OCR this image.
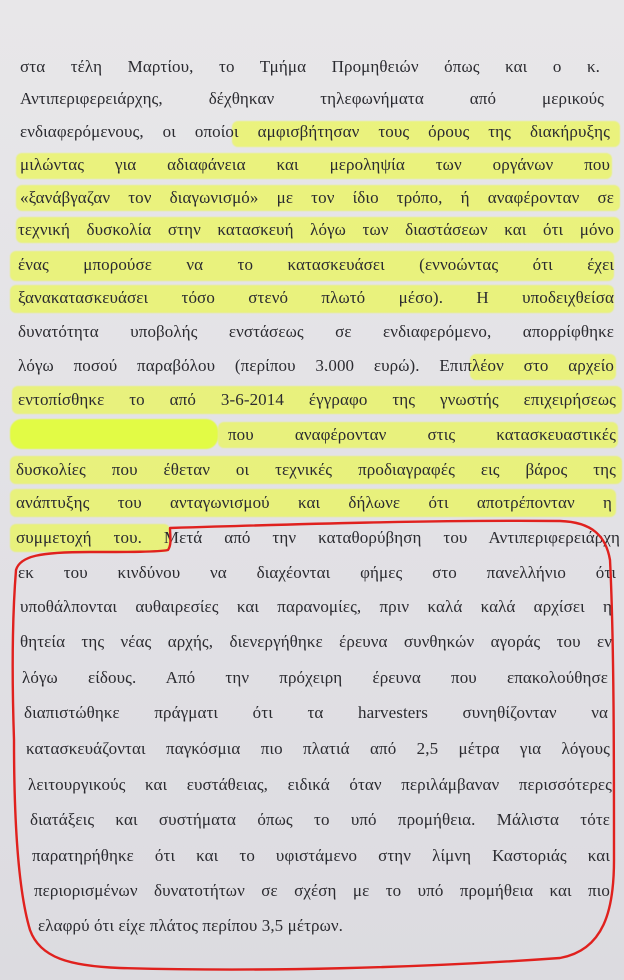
στα τέλη Μαρτίου, το Τμήμα Προμηθειών όπως και ο κ.
Αντιπεριφερειάρχης, δέχθηκαν τηλεφωνήματα από μερικούς
ενδιαφερόμενους, οι οποίοι αμφισβήτησαν τους όρους της διακήρυξης
μιλώντας για αδιαφάνεια και μεροληψία των οργάνων που
«ξανάβγαζαν τον διαγωνισμό» με τον ίδιο τρόπο, ή αναφέρονταν σε
τεχνική δυσκολία στην κατασκευή λόγω των διαστάσεων και ότι μόνο
ένας μπορούσε να το κατασκευάσει (εννοώντας ότι έχει
ξανακατασκευάσει τόσο στενό πλωτό μέσο). Η υποδειχθείσα
δυνατότητα υποβολής ενστάσεως σε ενδιαφερόμενο, απορρίφθηκε
λόγω ποσού παραβόλου (περίπου 3.000 ευρώ). Επιπλέον στο αρχείο
εντοπίσθηκε το από 3-6-2014 έγγραφο της γνωστής επιχειρήσεως
που αναφέρονταν στις κατασκευαστικές
δυσκολίες που έθεταν οι τεχνικές προδιαγραφές εις βάρος της
ανάπτυξης του ανταγωνισμού και δήλωνε ότι αποτρέπονταν η
συμμετοχή του. Μετά από την καταθορύβηση του Αντιπεριφερειάρχη
εκ του κινδύνου να διαχέονται φήμες στο πανελλήνιο ότι
υποθάλπονται αυθαιρεσίες και παρανομίες, πριν καλά καλά αρχίσει η
θητεία της νέας αρχής, διενεργήθηκε έρευνα συνθηκών αγοράς του εν
λόγω είδους. Από την πρόχειρη έρευνα που επακολούθησε
διαπιστώθηκε πράγματι ότι τα harvesters συνηθίζονταν να
κατασκευάζονται παγκόσμια πιο πλατιά από 2,5 μέτρα για λόγους
λειτουργικούς και ευστάθειας, ειδικά όταν περιλάμβαναν περισσότερες
διατάξεις και συστήματα όπως το υπό προμήθεια. Μάλιστα τότε
παρατηρήθηκε ότι και το υφιστάμενο στην λίμνη Καστοριάς και
περιορισμένων δυνατοτήτων σε σχέση με το υπό προμήθεια και πιο
ελαφρύ ότι είχε πλάτος περίπου 3,5 μέτρων.
